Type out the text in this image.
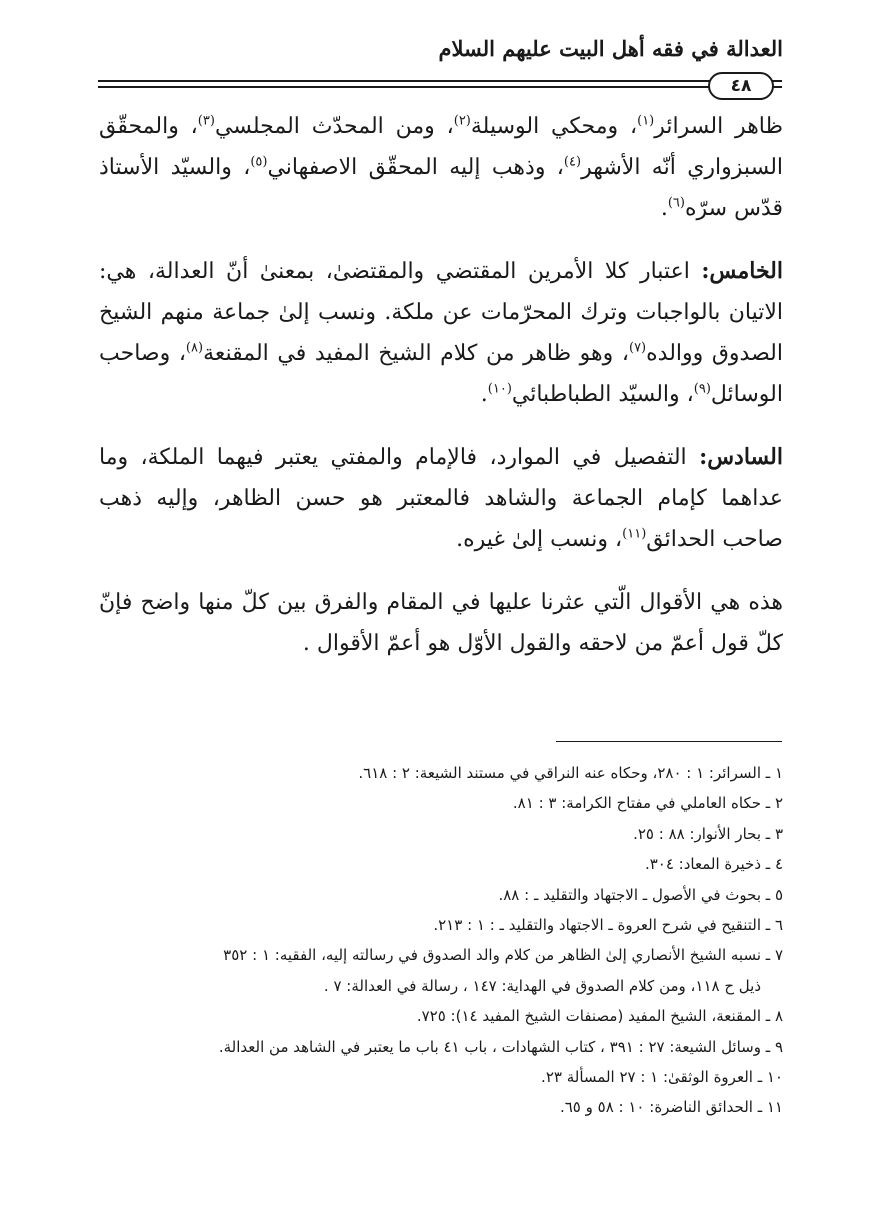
العدالة في فقه أهل البيت عليهم السلام
٤٨

ظاهر السرائر$^{(١)}$، ومحكي الوسيلة$^{(٢)}$، ومن المحدّث المجلسي$^{(٣)}$، والمحقّق السبزواري أنّه الأشهر$^{(٤)}$، وذهب إليه المحقّق الاصفهاني$^{(٥)}$، والسيّد الأستاذ قدّس سرّه$^{(٦)}$.

الخامس: اعتبار كلا الأمرين المقتضي والمقتضىٰ، بمعنىٰ أنّ العدالة، هي: الاتيان بالواجبات وترك المحرّمات عن ملكة. ونسب إلىٰ جماعة منهم الشيخ الصدوق ووالده$^{(٧)}$، وهو ظاهر من كلام الشيخ المفيد في المقنعة$^{(٨)}$، وصاحب الوسائل$^{(٩)}$، والسيّد الطباطبائي$^{(١٠)}$.

السادس: التفصيل في الموارد، فالإمام والمفتي يعتبر فيهما الملكة، وما عداهما كإمام الجماعة والشاهد فالمعتبر هو حسن الظاهر، وإليه ذهب صاحب الحدائق$^{(١١)}$، ونسب إلىٰ غيره.

هذه هي الأقوال الّتي عثرنا عليها في المقام والفرق بين كلّ منها واضح فإنّ كلّ قول أعمّ من لاحقه والقول الأوّل هو أعمّ الأقوال .

١ ـ السرائر: ١ : ٢٨٠، وحكاه عنه النراقي في مستند الشيعة: ٢ : ٦١٨.
٢ ـ حكاه العاملي في مفتاح الكرامة: ٣ : ٨١.
٣ ـ بحار الأنوار: ٨٨ : ٢٥.
٤ ـ ذخيرة المعاد: ٣٠٤.
٥ ـ بحوث في الأصول ـ الاجتهاد والتقليد ـ : ٨٨.
٦ ـ التنقيح في شرح العروة ـ الاجتهاد والتقليد ـ : ١ : ٢١٣.
٧ ـ نسبه الشيخ الأنصاري إلىٰ الظاهر من كلام والد الصدوق في رسالته إليه، الفقيه: ١ : ٣٥٢
ذيل ح ١١٨، ومن كلام الصدوق في الهداية: ١٤٧ ، رسالة في العدالة: ٧ .
٨ ـ المقنعة، الشيخ المفيد (مصنفات الشيخ المفيد ١٤): ٧٢٥.
٩ ـ وسائل الشيعة: ٢٧ : ٣٩١ ، كتاب الشهادات ، باب ٤١ باب ما يعتبر في الشاهد من العدالة.
١٠ ـ العروة الوثقىٰ: ١ : ٢٧ المسألة ٢٣.
١١ ـ الحدائق الناضرة: ١٠ : ٥٨ و ٦٥.
